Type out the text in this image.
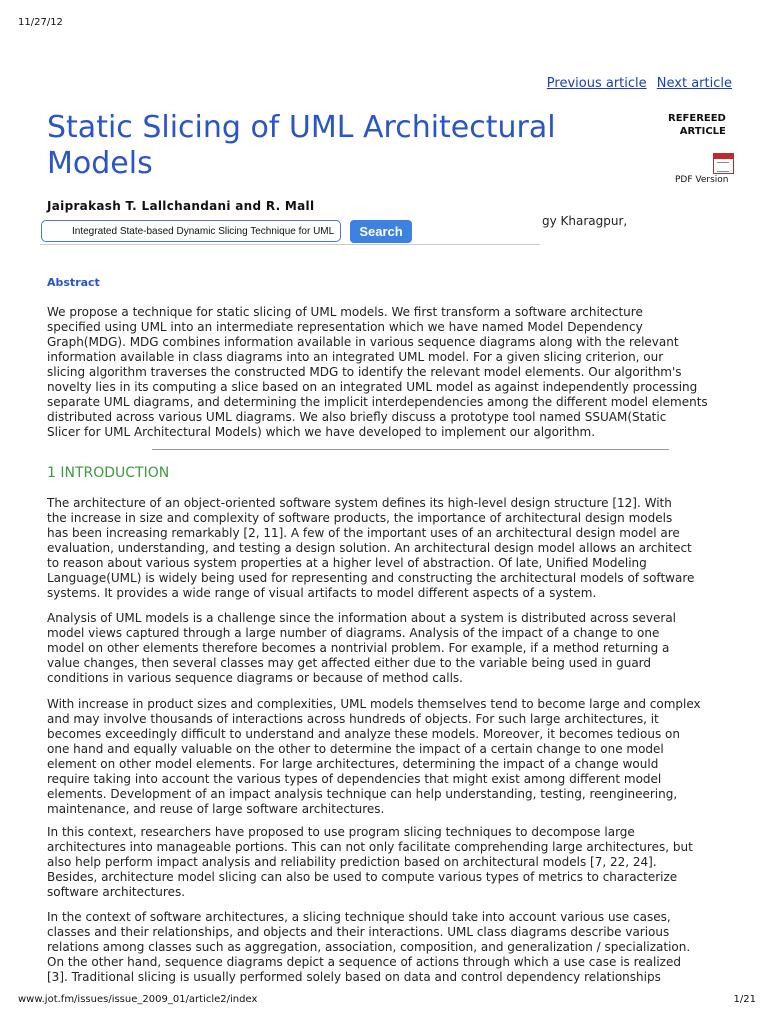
11/27/12
Previous article Next article
REFEREED
ARTICLE
PDF Version
Static Slicing of UML Architectural
Models
Jaiprakash T. Lallchandani and R. Mall
gy Kharagpur,
Integrated State-based Dynamic Slicing Technique for UML
Search
Abstract
We propose a technique for static slicing of UML models. We first transform a software architecture
specified using UML into an intermediate representation which we have named Model Dependency
Graph(MDG). MDG combines information available in various sequence diagrams along with the relevant
information available in class diagrams into an integrated UML model. For a given slicing criterion, our
slicing algorithm traverses the constructed MDG to identify the relevant model elements. Our algorithm's
novelty lies in its computing a slice based on an integrated UML model as against independently processing
separate UML diagrams, and determining the implicit interdependencies among the different model elements
distributed across various UML diagrams. We also briefly discuss a prototype tool named SSUAM(Static
Slicer for UML Architectural Models) which we have developed to implement our algorithm.
1 INTRODUCTION
The architecture of an object-oriented software system defines its high-level design structure [12]. With
the increase in size and complexity of software products, the importance of architectural design models
has been increasing remarkably [2, 11]. A few of the important uses of an architectural design model are
evaluation, understanding, and testing a design solution. An architectural design model allows an architect
to reason about various system properties at a higher level of abstraction. Of late, Unified Modeling
Language(UML) is widely being used for representing and constructing the architectural models of software
systems. It provides a wide range of visual artifacts to model different aspects of a system.
Analysis of UML models is a challenge since the information about a system is distributed across several
model views captured through a large number of diagrams. Analysis of the impact of a change to one
model on other elements therefore becomes a nontrivial problem. For example, if a method returning a
value changes, then several classes may get affected either due to the variable being used in guard
conditions in various sequence diagrams or because of method calls.
With increase in product sizes and complexities, UML models themselves tend to become large and complex
and may involve thousands of interactions across hundreds of objects. For such large architectures, it
becomes exceedingly difficult to understand and analyze these models. Moreover, it becomes tedious on
one hand and equally valuable on the other to determine the impact of a certain change to one model
element on other model elements. For large architectures, determining the impact of a change would
require taking into account the various types of dependencies that might exist among different model
elements. Development of an impact analysis technique can help understanding, testing, reengineering,
maintenance, and reuse of large software architectures.
In this context, researchers have proposed to use program slicing techniques to decompose large
architectures into manageable portions. This can not only facilitate comprehending large architectures, but
also help perform impact analysis and reliability prediction based on architectural models [7, 22, 24].
Besides, architecture model slicing can also be used to compute various types of metrics to characterize
software architectures.
In the context of software architectures, a slicing technique should take into account various use cases,
classes and their relationships, and objects and their interactions. UML class diagrams describe various
relations among classes such as aggregation, association, composition, and generalization / specialization.
On the other hand, sequence diagrams depict a sequence of actions through which a use case is realized
[3]. Traditional slicing is usually performed solely based on data and control dependency relationships
www.jot.fm/issues/issue_2009_01/article2/index	1/21
